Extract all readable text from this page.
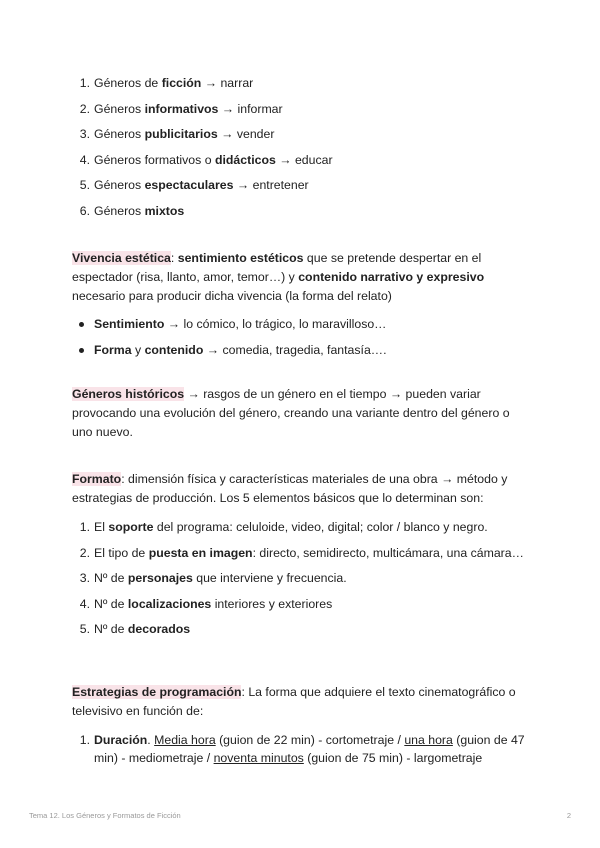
1. Géneros de ficción → narrar
2. Géneros informativos → informar
3. Géneros publicitarios → vender
4. Géneros formativos o didácticos → educar
5. Géneros espectaculares → entretener
6. Géneros mixtos

Vivencia estética: sentimiento estéticos que se pretende despertar en el espectador (risa, llanto, amor, temor…) y contenido narrativo y expresivo necesario para producir dicha vivencia (la forma del relato)

Sentimiento → lo cómico, lo trágico, lo maravilloso…
Forma y contenido → comedia, tragedia, fantasía….

Géneros históricos → rasgos de un género en el tiempo → pueden variar provocando una evolución del género, creando una variante dentro del género o uno nuevo.

Formato: dimensión física y características materiales de una obra → método y estrategias de producción. Los 5 elementos básicos que lo determinan son:

1. El soporte del programa: celuloide, video, digital; color / blanco y negro.
2. El tipo de puesta en imagen: directo, semidirecto, multicámara, una cámara…
3. Nº de personajes que interviene y frecuencia.
4. Nº de localizaciones interiores y exteriores
5. Nº de decorados

Estrategias de programación: La forma que adquiere el texto cinematográfico o televisivo en función de:

1. Duración. Media hora (guion de 22 min) - cortometraje / una hora (guion de 47 min) - mediometraje / noventa minutos (guion de 75 min) - largometraje
Tema 12. Los Géneros y Formatos de Ficción	2
